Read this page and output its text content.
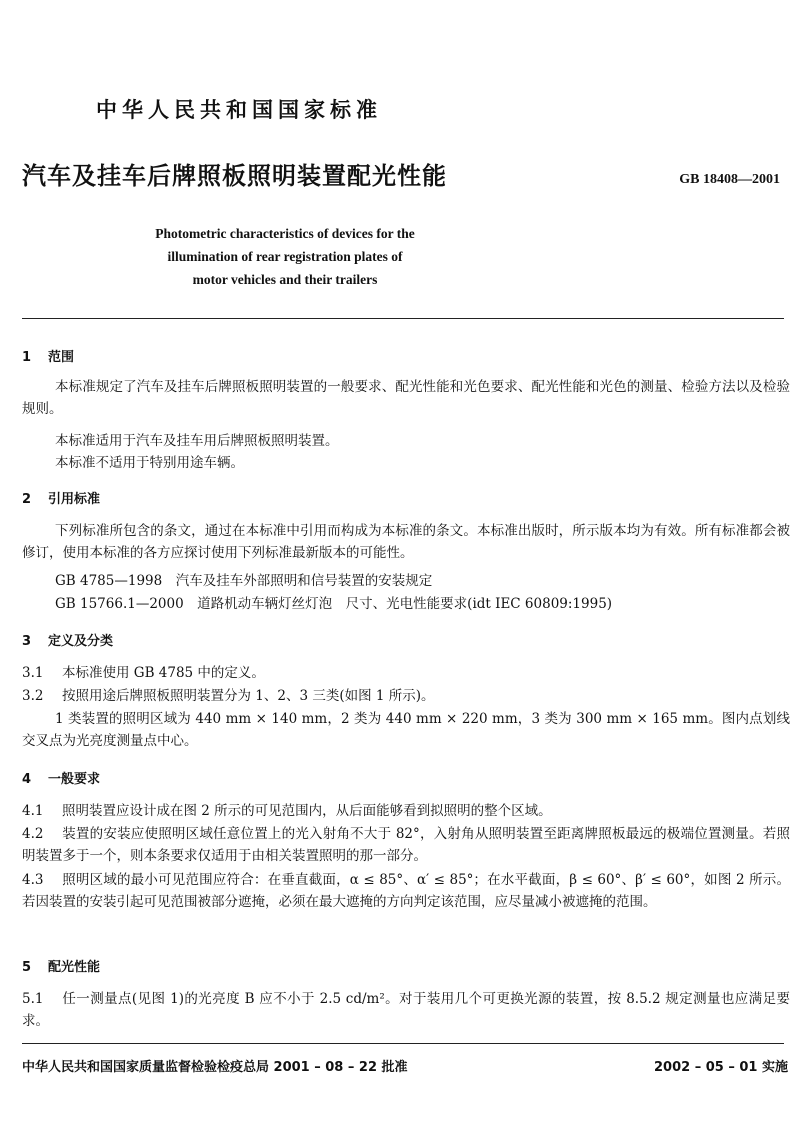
中华人民共和国国家标准
汽车及挂车后牌照板照明装置配光性能	GB 18408—2001
Photometric characteristics of devices for the
illumination of rear registration plates of
motor vehicles and their trailers
1 范围
本标准规定了汽车及挂车后牌照板照明装置的一般要求、配光性能和光色要求、配光性能和光色的测量、检验方法以及检验规则。
本标准适用于汽车及挂车用后牌照板照明装置。
本标准不适用于特别用途车辆。
2 引用标准
下列标准所包含的条文，通过在本标准中引用而构成为本标准的条文。本标准出版时，所示版本均为有效。所有标准都会被修订，使用本标准的各方应探讨使用下列标准最新版本的可能性。
GB 4785—1998　汽车及挂车外部照明和信号装置的安装规定
GB 15766.1—2000　道路机动车辆灯丝灯泡　尺寸、光电性能要求(idt IEC 60809:1995)
3 定义及分类
3.1 本标准使用 GB 4785 中的定义。
3.2 按照用途后牌照板照明装置分为 1、2、3 三类(如图 1 所示)。
1 类装置的照明区域为 440 mm × 140 mm，2 类为 440 mm × 220 mm，3 类为 300 mm × 165 mm。图内点划线交叉点为光亮度测量点中心。
4 一般要求
4.1 照明装置应设计成在图 2 所示的可见范围内，从后面能够看到拟照明的整个区域。
4.2 装置的安装应使照明区域任意位置上的光入射角不大于 82°，入射角从照明装置至距离牌照板最远的极端位置测量。若照明装置多于一个，则本条要求仅适用于由相关装置照明的那一部分。
4.3 照明区域的最小可见范围应符合：在垂直截面，α ≤ 85°、α′ ≤ 85°；在水平截面，β ≤ 60°、β′ ≤ 60°，如图 2 所示。若因装置的安装引起可见范围被部分遮掩，必须在最大遮掩的方向判定该范围，应尽量减小被遮掩的范围。
5 配光性能
5.1 任一测量点(见图 1)的光亮度 B 应不小于 2.5 cd/m²。对于装用几个可更换光源的装置，按 8.5.2 规定测量也应满足要求。
中华人民共和国国家质量监督检验检疫总局 2001 – 08 – 22 批准	2002 – 05 – 01 实施
